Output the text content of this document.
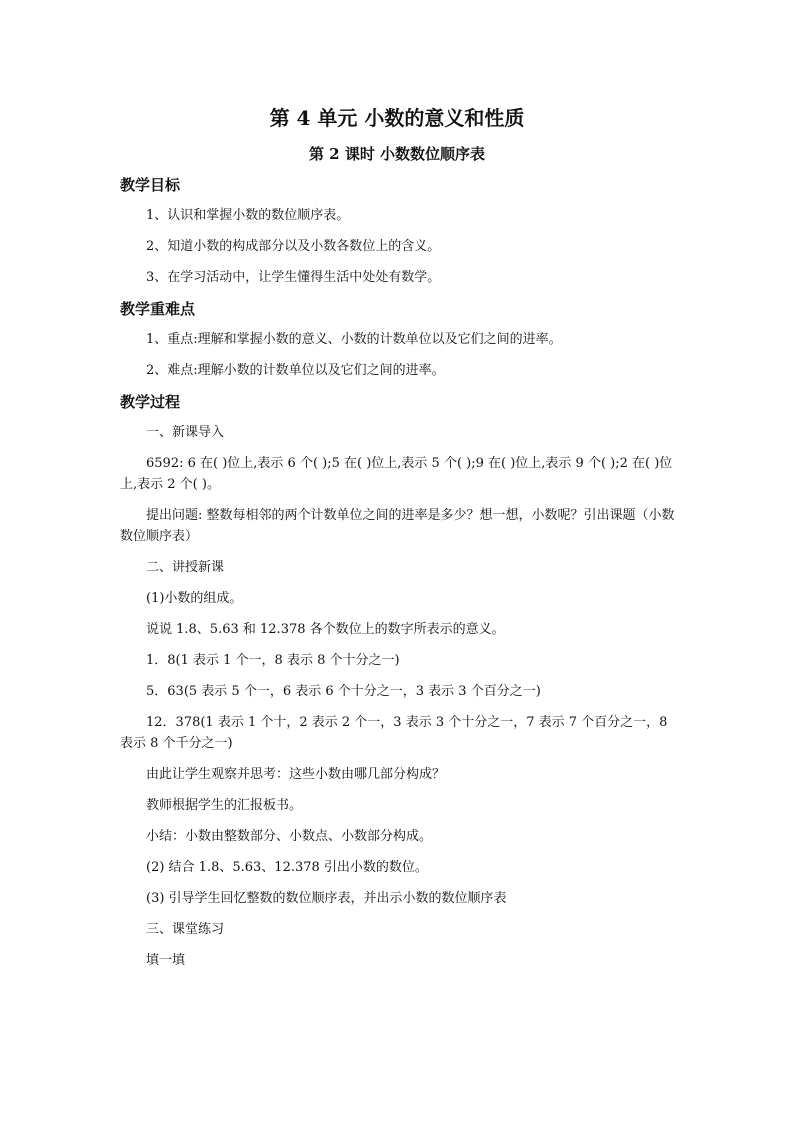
第 4 单元 小数的意义和性质
第 2 课时 小数数位顺序表
教学目标
1、认识和掌握小数的数位顺序表。
2、知道小数的构成部分以及小数各数位上的含义。
3、在学习活动中，让学生懂得生活中处处有数学。
教学重难点
1、重点:理解和掌握小数的意义、小数的计数单位以及它们之间的进率。
2、难点:理解小数的计数单位以及它们之间的进率。
教学过程
一、新课导入
6592: 6 在( )位上,表示 6 个( );5 在( )位上,表示 5 个( );9 在( )位上,表示 9 个( );2 在( )位上,表示 2 个( )。
提出问题: 整数每相邻的两个计数单位之间的进率是多少？想一想，小数呢？引出课题（小数数位顺序表）
二、讲授新课
(1)小数的组成。
说说 1.8、5.63 和 12.378 各个数位上的数字所表示的意义。
1．8(1 表示 1 个一，8 表示 8 个十分之一)
5．63(5 表示 5 个一，6 表示 6 个十分之一，3 表示 3 个百分之一)
12．378(1 表示 1 个十，2 表示 2 个一，3 表示 3 个十分之一，7 表示 7 个百分之一，8 表示 8 个千分之一)
由此让学生观察并思考：这些小数由哪几部分构成？
教师根据学生的汇报板书。
小结：小数由整数部分、小数点、小数部分构成。
(2) 结合 1.8、5.63、12.378 引出小数的数位。
(3) 引导学生回忆整数的数位顺序表，并出示小数的数位顺序表
三、课堂练习
填一填
